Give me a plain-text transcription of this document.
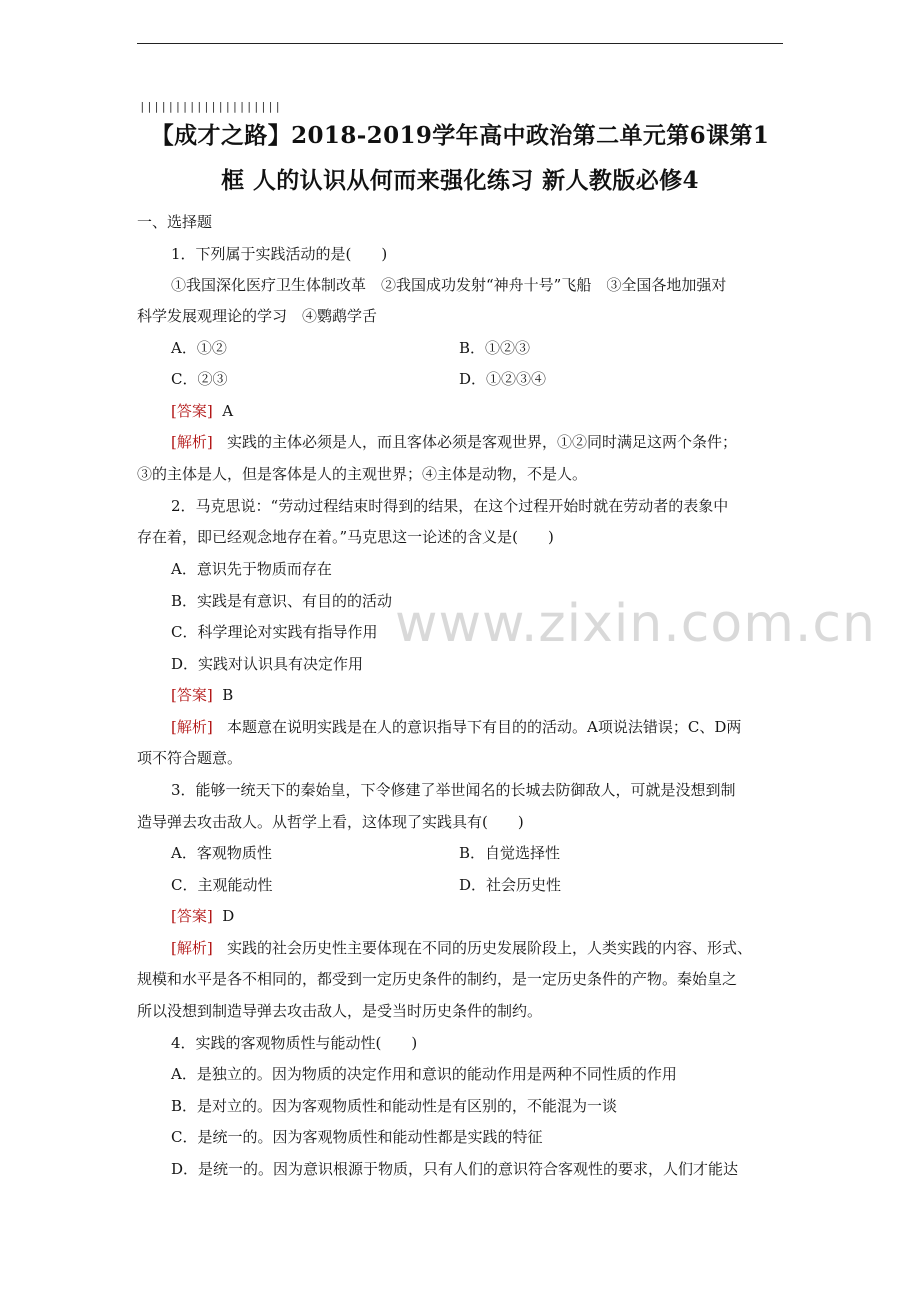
||||||||||||||||||||
【成才之路】2018-2019学年高中政治第二单元第6课第1
框 人的认识从何而来强化练习 新人教版必修4
www.zixin.com.cn
一、选择题
1．下列属于实践活动的是(　　)
①我国深化医疗卫生体制改革　②我国成功发射“神舟十号”飞船　③全国各地加强对
科学发展观理论的学习　④鹦鹉学舌
A．①②	B．①②③
C．②③	D．①②③④
[答案] A
[解析] 实践的主体必须是人，而且客体必须是客观世界，①②同时满足这两个条件；
③的主体是人，但是客体是人的主观世界；④主体是动物，不是人。
2．马克思说：“劳动过程结束时得到的结果，在这个过程开始时就在劳动者的表象中
存在着，即已经观念地存在着。”马克思这一论述的含义是(　　)
A．意识先于物质而存在
B．实践是有意识、有目的的活动
C．科学理论对实践有指导作用
D．实践对认识具有决定作用
[答案] B
[解析] 本题意在说明实践是在人的意识指导下有目的的活动。A项说法错误；C、D两
项不符合题意。
3．能够一统天下的秦始皇，下令修建了举世闻名的长城去防御敌人，可就是没想到制
造导弹去攻击敌人。从哲学上看，这体现了实践具有(　　)
A．客观物质性	B．自觉选择性
C．主观能动性	D．社会历史性
[答案] D
[解析] 实践的社会历史性主要体现在不同的历史发展阶段上，人类实践的内容、形式、
规模和水平是各不相同的，都受到一定历史条件的制约，是一定历史条件的产物。秦始皇之
所以没想到制造导弹去攻击敌人，是受当时历史条件的制约。
4．实践的客观物质性与能动性(　　)
A．是独立的。因为物质的决定作用和意识的能动作用是两种不同性质的作用
B．是对立的。因为客观物质性和能动性是有区别的，不能混为一谈
C．是统一的。因为客观物质性和能动性都是实践的特征
D．是统一的。因为意识根源于物质，只有人们的意识符合客观性的要求，人们才能达
